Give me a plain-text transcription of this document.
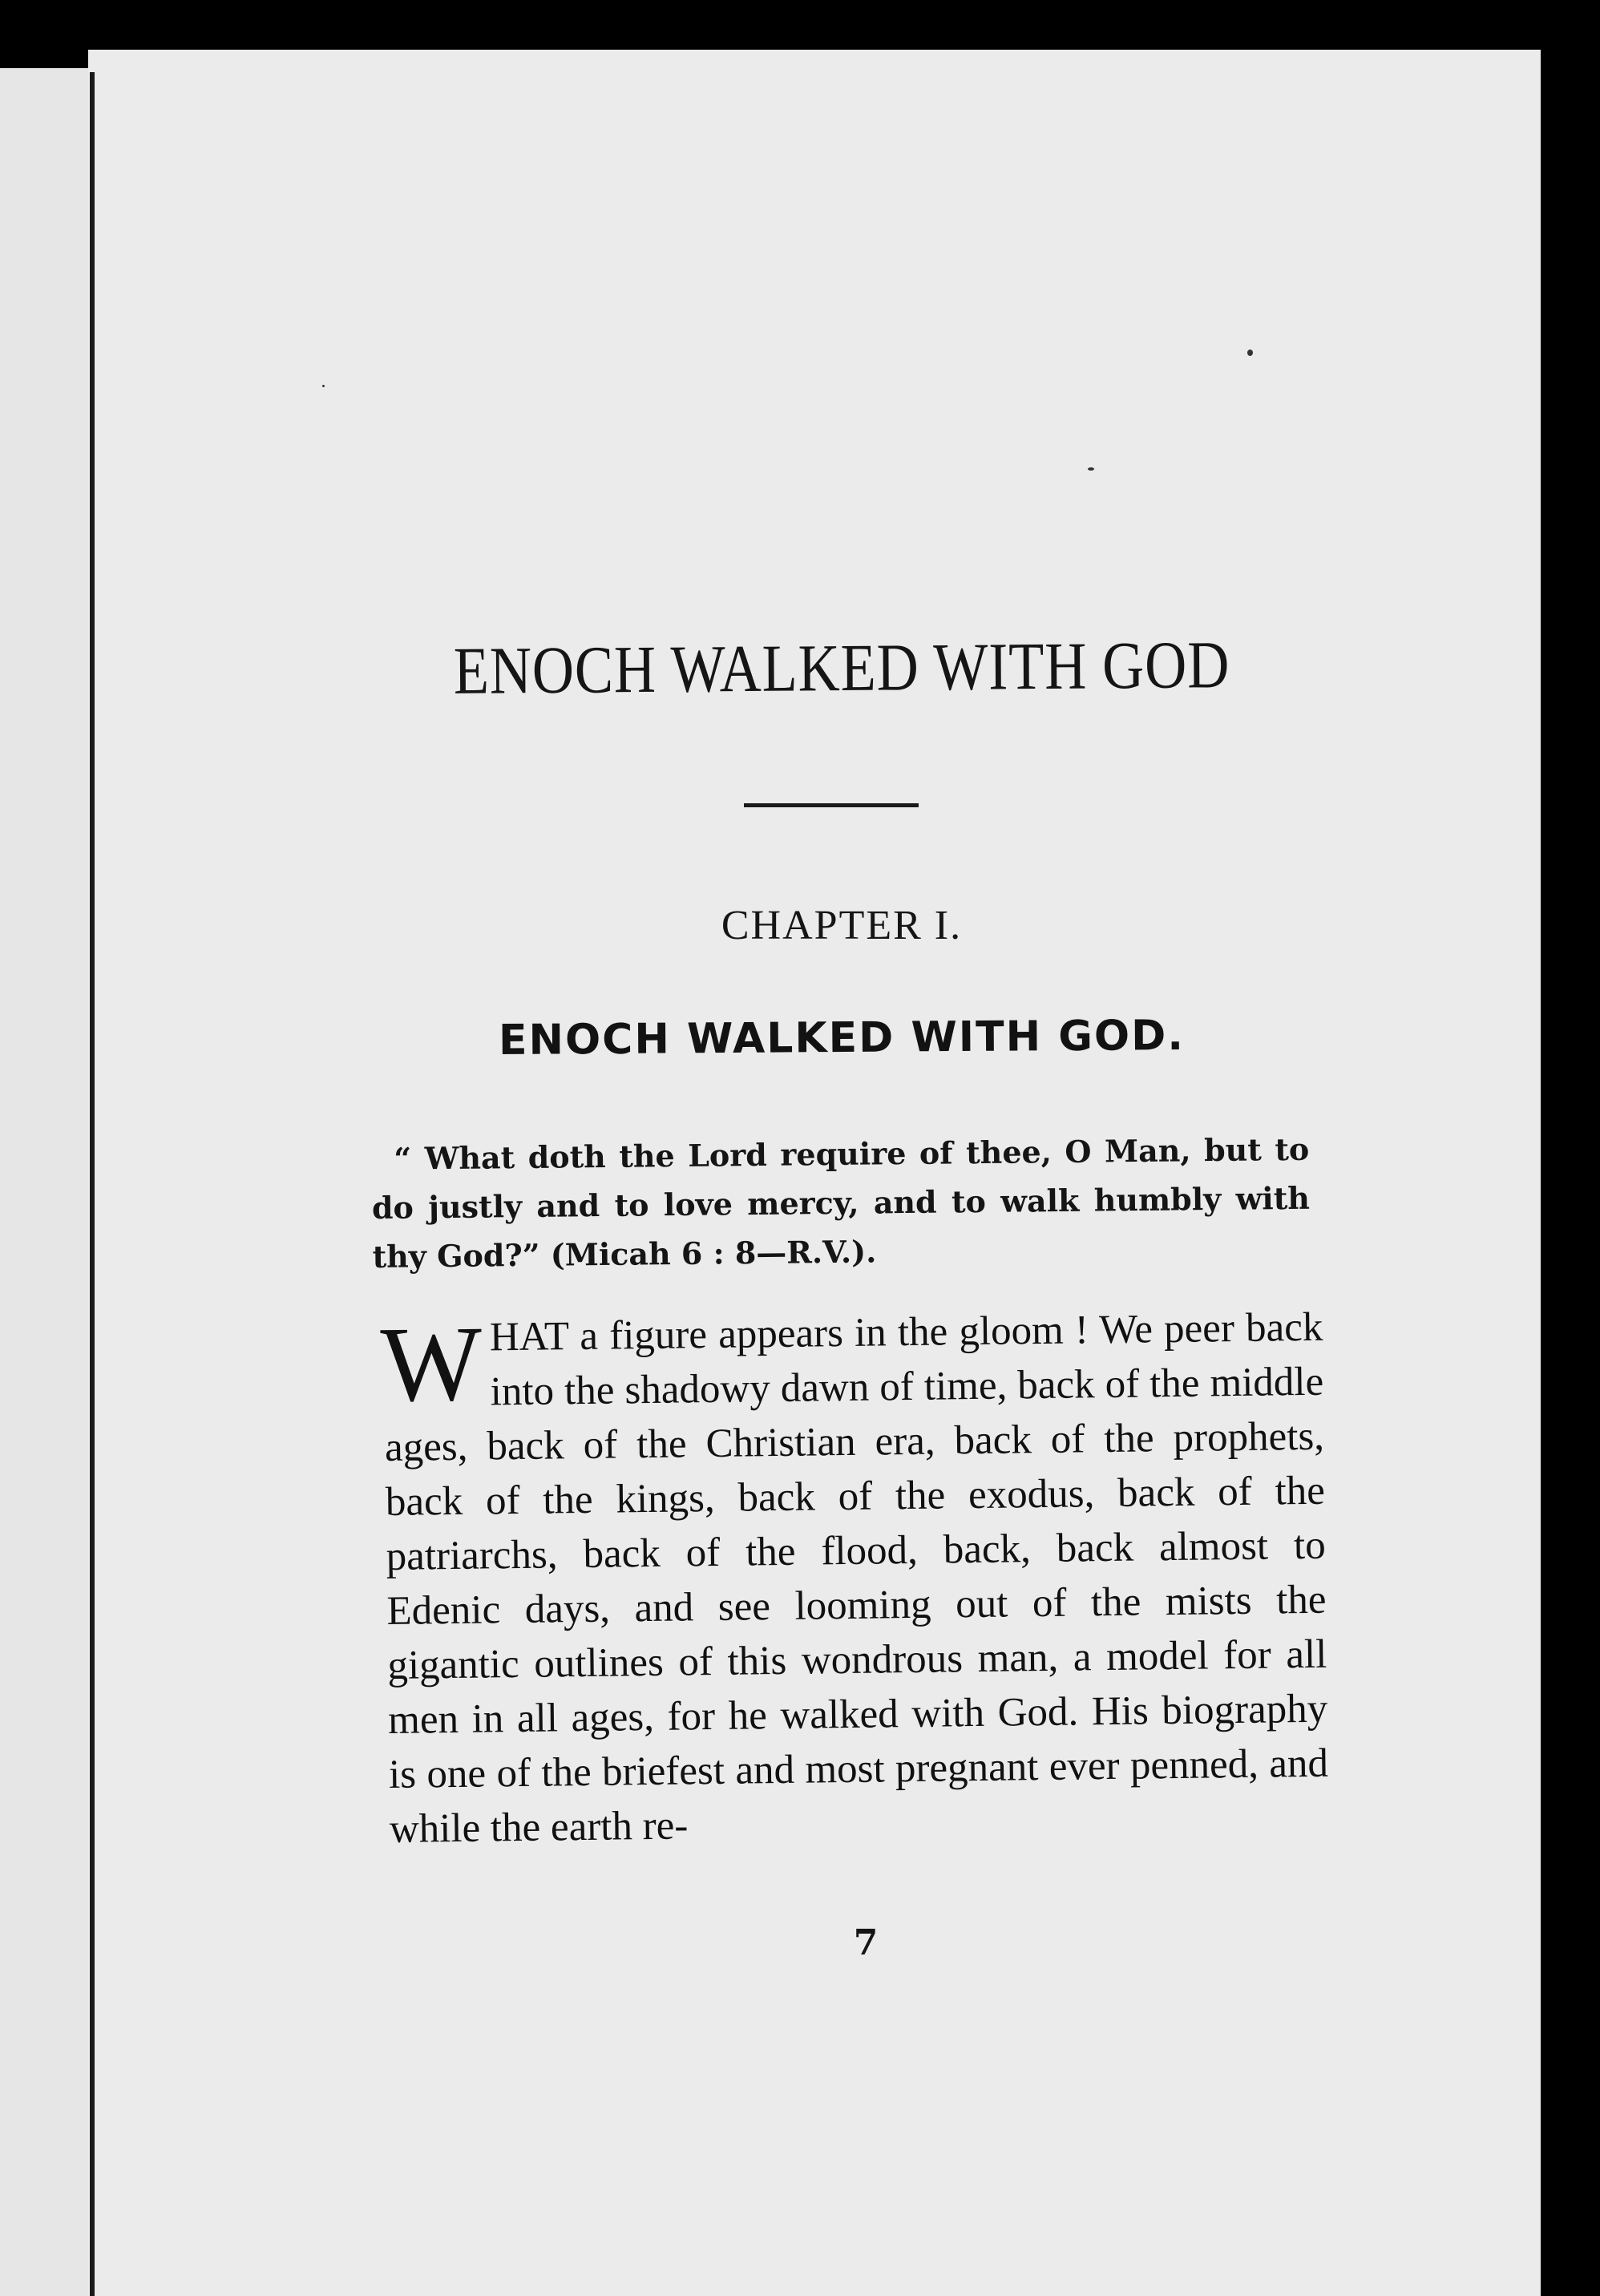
ENOCH WALKED WITH GOD
CHAPTER I.
ENOCH WALKED WITH GOD.

“ What doth the Lord require of thee, O Man, but to do justly and to love mercy, and to walk humbly with thy God?” (Micah 6 : 8—R.V.).

W HAT a figure appears in the gloom ! We peer back into the shadowy dawn of time, back of the middle ages, back of the Christian era, back of the prophets, back of the kings, back of the exodus, back of the patriarchs, back of the flood, back, back almost to Edenic days, and see looming out of the mists the gigantic outlines of this wondrous man, a model for all men in all ages, for he walked with God. His biography is one of the briefest and most pregnant ever penned, and while the earth re-

7
